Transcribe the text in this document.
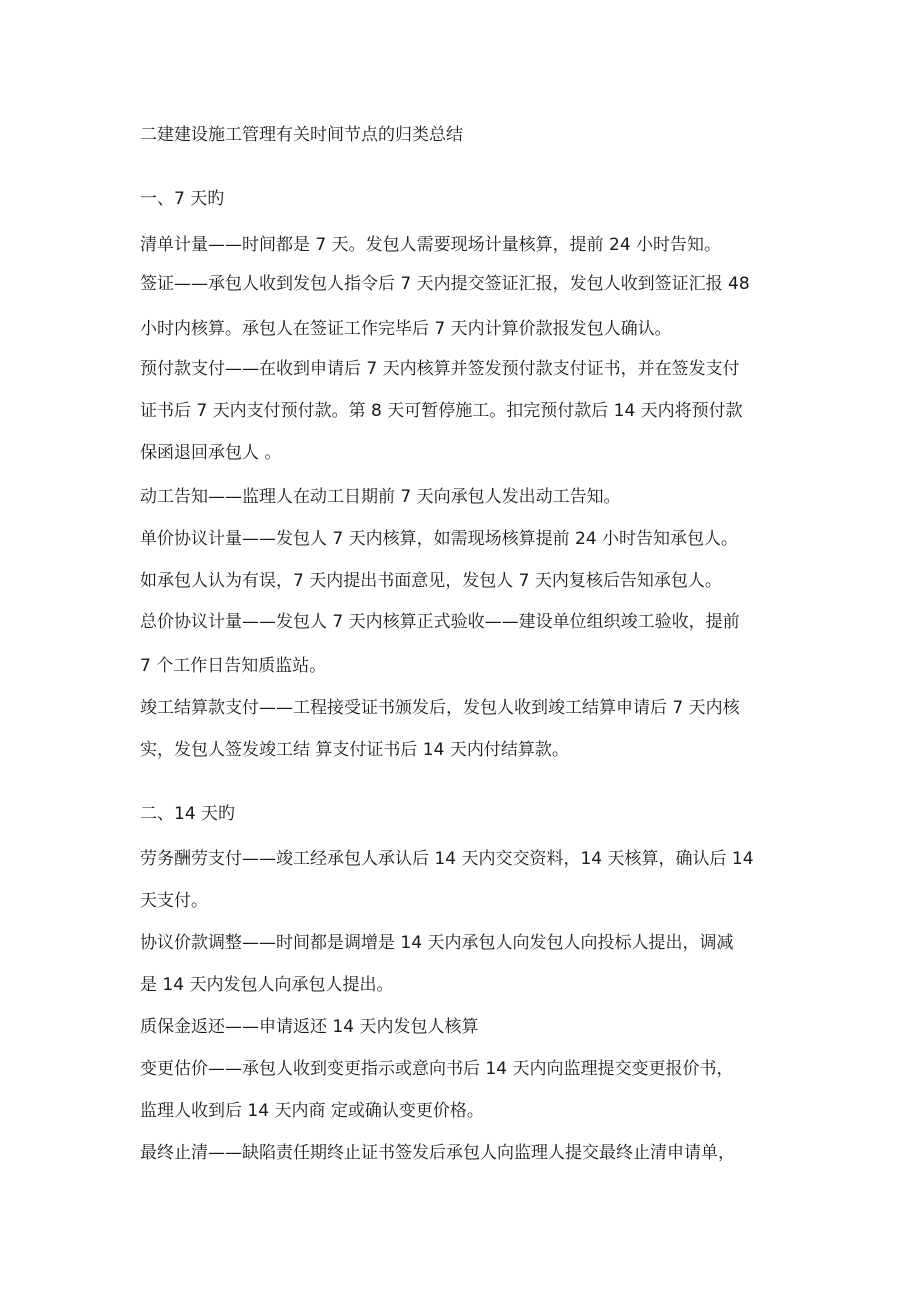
二建建设施工管理有关时间节点的归类总结
一、7 天旳
清单计量——时间都是 7 天。发包人需要现场计量核算，提前 24 小时告知。
签证——承包人收到发包人指令后 7 天内提交签证汇报，发包人收到签证汇报 48
小时内核算。承包人在签证工作完毕后 7 天内计算价款报发包人确认。
预付款支付——在收到申请后 7 天内核算并签发预付款支付证书，并在签发支付
证书后 7 天内支付预付款。第 8 天可暂停施工。扣完预付款后 14 天内将预付款
保函退回承包人 。
动工告知——监理人在动工日期前 7 天向承包人发出动工告知。
单价协议计量——发包人 7 天内核算，如需现场核算提前 24 小时告知承包人。
如承包人认为有误，7 天内提出书面意见，发包人 7 天内复核后告知承包人。
总价协议计量——发包人 7 天内核算正式验收——建设单位组织竣工验收，提前
7 个工作日告知质监站。
竣工结算款支付——工程接受证书颁发后，发包人收到竣工结算申请后 7 天内核
实，发包人签发竣工结 算支付证书后 14 天内付结算款。
二、14 天旳
劳务酬劳支付——竣工经承包人承认后 14 天内交交资料，14 天核算，确认后 14
天支付。
协议价款调整——时间都是调增是 14 天内承包人向发包人向投标人提出，调减
是 14 天内发包人向承包人提出。
质保金返还——申请返还 14 天内发包人核算
变更估价——承包人收到变更指示或意向书后 14 天内向监理提交变更报价书，
监理人收到后 14 天内商 定或确认变更价格。
最终止清——缺陷责任期终止证书签发后承包人向监理人提交最终止清申请单，
